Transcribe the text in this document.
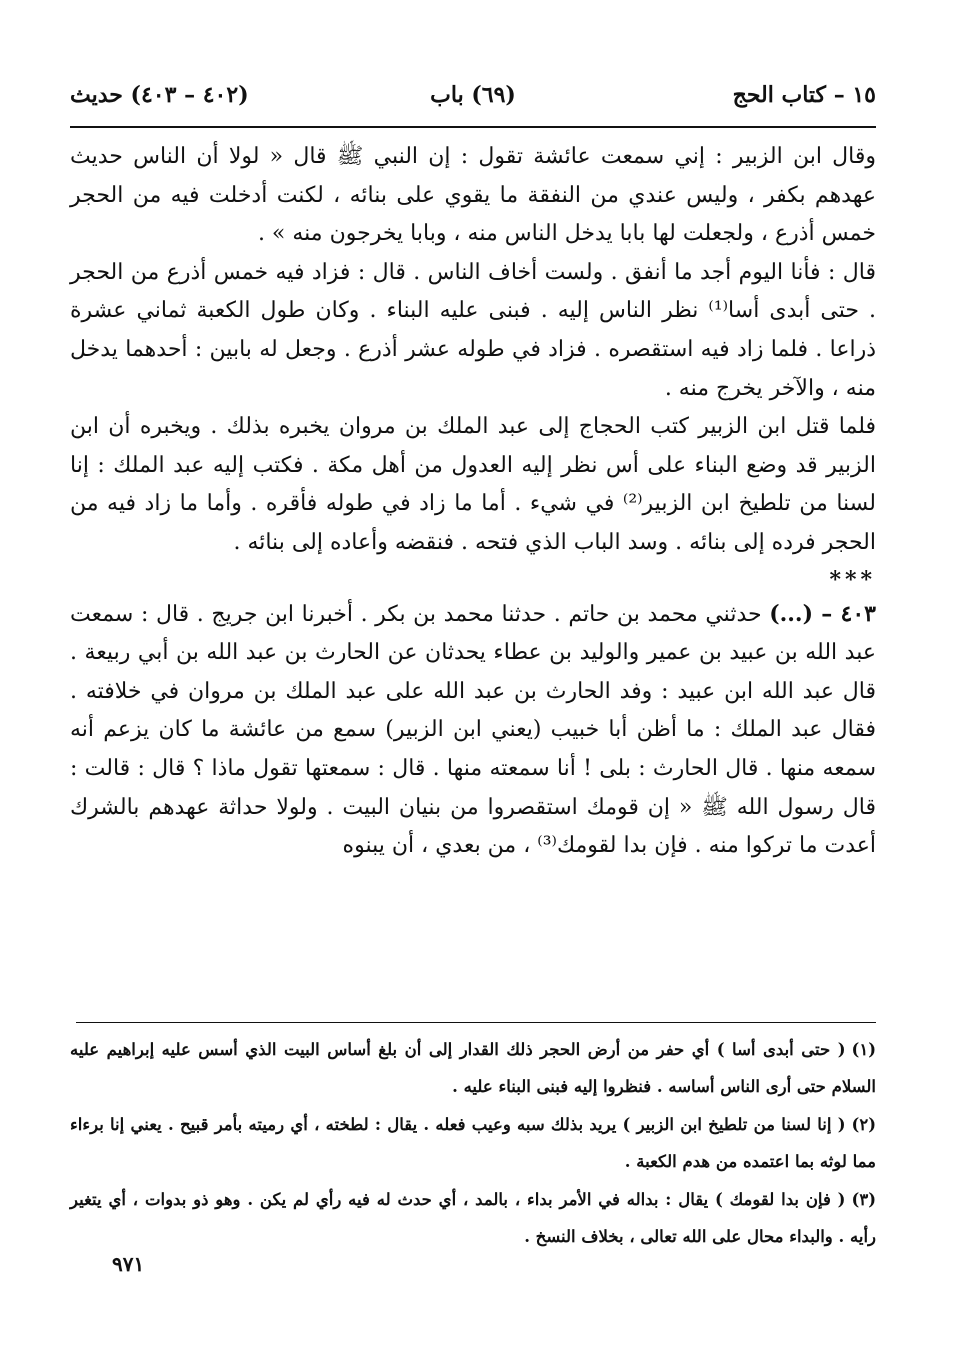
١٥ – كتاب الحج
(٦٩) باب
(٤٠٢ – ٤٠٣) حديث

وقال ابن الزبير : إني سمعت عائشة تقول : إن النبي ﷺ قال « لولا أن الناس حديث عهدهم بكفر ، وليس عندي من النفقة ما يقوي على بنائه ، لكنت أدخلت فيه من الحجر خمس أذرع ، ولجعلت لها بابا يدخل الناس منه ، وبابا يخرجون منه » .

قال : فأنا اليوم أجد ما أنفق . ولست أخاف الناس . قال : فزاد فيه خمس أذرع من الحجر . حتى أبدى أسا⁽¹⁾ نظر الناس إليه . فبنى عليه البناء . وكان طول الكعبة ثماني عشرة ذراعا . فلما زاد فيه استقصره . فزاد في طوله عشر أذرع . وجعل له بابين : أحدهما يدخل منه ، والآخر يخرج منه .

فلما قتل ابن الزبير كتب الحجاج إلى عبد الملك بن مروان يخبره بذلك . ويخبره أن ابن الزبير قد وضع البناء على أس نظر إليه العدول من أهل مكة . فكتب إليه عبد الملك : إنا لسنا من تلطيخ ابن الزبير⁽²⁾ في شيء . أما ما زاد في طوله فأقره . وأما ما زاد فيه من الحجر فرده إلى بنائه . وسد الباب الذي فتحه . فنقضه وأعاده إلى بنائه .

***

٤٠٣ – (...) حدثني محمد بن حاتم . حدثنا محمد بن بكر . أخبرنا ابن جريج . قال : سمعت عبد الله بن عبيد بن عمير والوليد بن عطاء يحدثان عن الحارث بن عبد الله بن أبي ربيعة . قال عبد الله ابن عبيد : وفد الحارث بن عبد الله على عبد الملك بن مروان في خلافته . فقال عبد الملك : ما أظن أبا خبيب (يعني ابن الزبير) سمع من عائشة ما كان يزعم أنه سمعه منها . قال الحارث : بلى ! أنا سمعته منها . قال : سمعتها تقول ماذا ؟ قال : قالت : قال رسول الله ﷺ « إن قومك استقصروا من بنيان البيت . ولولا حداثة عهدهم بالشرك أعدت ما تركوا منه . فإن بدا لقومك⁽³⁾ ، من بعدي ، أن يبنوه

(١)( حتى أبدى أسا ) أي حفر من أرض الحجر ذلك القدار إلى أن بلغ أساس البيت الذي أسس عليه إبراهيم عليه السلام حتى أرى الناس أساسه . فنظروا إليه فبنى البناء عليه .

(٢)( إنا لسنا من تلطيخ ابن الزبير ) يريد بذلك سبه وعيب فعله . يقال : لطخته ، أي رميته بأمر قبيح . يعني إنا برءاء مما لوثه بما اعتمده من هدم الكعبة .

(٣)( فإن بدا لقومك ) يقال : بداله في الأمر بداء ، بالمد ، أي حدث له فيه رأي لم يكن . وهو ذو بدوات ، أي يتغير رأيه . والبداء محال على الله تعالى ، بخلاف النسخ .

٩٧١
